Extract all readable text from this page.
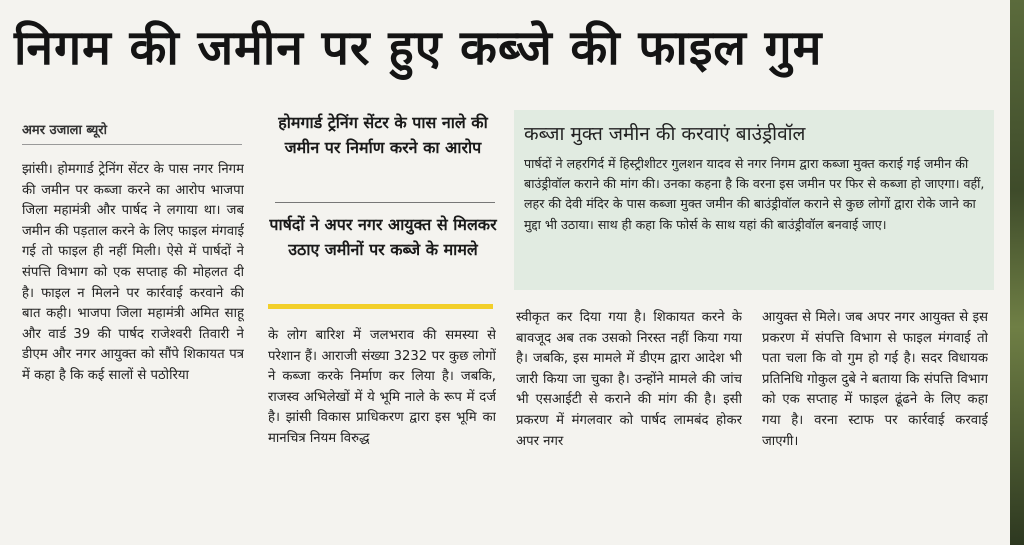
निगम की जमीन पर हुए कब्जे की फाइल गुम
अमर उजाला ब्यूरो
झांसी। होमगार्ड ट्रेनिंग सेंटर के पास नगर निगम की जमीन पर कब्जा करने का आरोप भाजपा जिला महामंत्री और पार्षद ने लगाया था। जब जमीन की पड़ताल करने के लिए फाइल मंगवाई गई तो फाइल ही नहीं मिली। ऐसे में पार्षदों ने संपत्ति विभाग को एक सप्ताह की मोहलत दी है। फाइल न मिलने पर कार्रवाई करवाने की बात कही। भाजपा जिला महामंत्री अमित साहू और वार्ड 39 की पार्षद राजेश्वरी तिवारी ने डीएम और नगर आयुक्त को सौंपे शिकायत पत्र में कहा है कि कई सालों से पठोरिया
होमगार्ड ट्रेनिंग सेंटर के पास नाले की जमीन पर निर्माण करने का आरोप
पार्षदों ने अपर नगर आयुक्त से मिलकर उठाए जमीनों पर कब्जे के मामले
के लोग बारिश में जलभराव की समस्या से परेशान हैं। आराजी संख्या 3232 पर कुछ लोगों ने कब्जा करके निर्माण कर लिया है। जबकि, राजस्व अभिलेखों में ये भूमि नाले के रूप में दर्ज है। झांसी विकास प्राधिकरण द्वारा इस भूमि का मानचित्र नियम विरुद्ध
कब्जा मुक्त जमीन की करवाएं बाउंड्रीवॉल
पार्षदों ने लहरगिर्द में हिस्ट्रीशीटर गुलशन यादव से नगर निगम द्वारा कब्जा मुक्त कराई गई जमीन की बाउंड्रीवॉल कराने की मांग की। उनका कहना है कि वरना इस जमीन पर फिर से कब्जा हो जाएगा। वहीं, लहर की देवी मंदिर के पास कब्जा मुक्त जमीन की बाउंड्रीवॉल कराने से कुछ लोगों द्वारा रोके जाने का मुद्दा भी उठाया। साथ ही कहा कि फोर्स के साथ यहां की बाउंड्रीवॉल बनवाई जाए।
स्वीकृत कर दिया गया है। शिकायत करने के बावजूद अब तक उसको निरस्त नहीं किया गया है। जबकि, इस मामले में डीएम द्वारा आदेश भी जारी किया जा चुका है। उन्होंने मामले की जांच भी एसआईटी से कराने की मांग की है। इसी प्रकरण में मंगलवार को पार्षद लामबंद होकर अपर नगर
आयुक्त से मिले। जब अपर नगर आयुक्त से इस प्रकरण में संपत्ति विभाग से फाइल मंगवाई तो पता चला कि वो गुम हो गई है। सदर विधायक प्रतिनिधि गोकुल दुबे ने बताया कि संपत्ति विभाग को एक सप्ताह में फाइल ढूंढने के लिए कहा गया है। वरना स्टाफ पर कार्रवाई करवाई जाएगी।
